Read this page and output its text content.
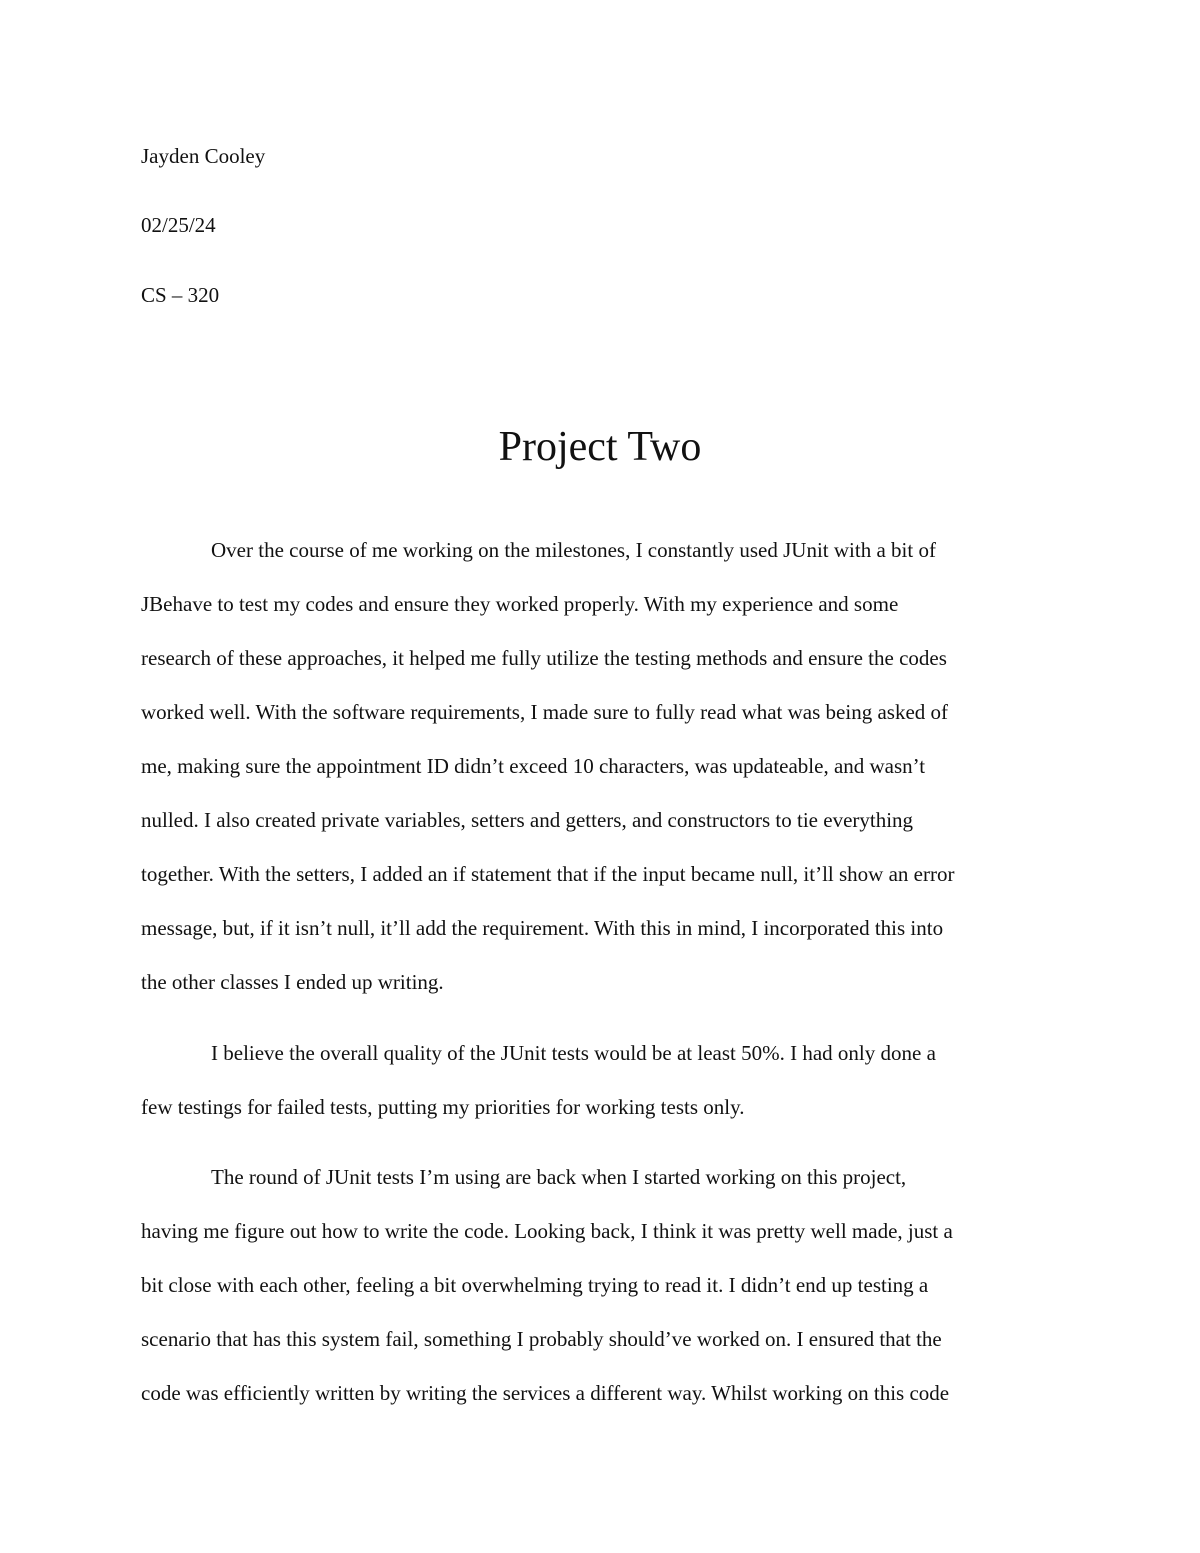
Jayden Cooley
02/25/24
CS – 320
Project Two
Over the course of me working on the milestones, I constantly used JUnit with a bit of
JBehave to test my codes and ensure they worked properly. With my experience and some
research of these approaches, it helped me fully utilize the testing methods and ensure the codes
worked well. With the software requirements, I made sure to fully read what was being asked of
me, making sure the appointment ID didn’t exceed 10 characters, was updateable, and wasn’t
nulled. I also created private variables, setters and getters, and constructors to tie everything
together. With the setters, I added an if statement that if the input became null, it’ll show an error
message, but, if it isn’t null, it’ll add the requirement. With this in mind, I incorporated this into
the other classes I ended up writing.
I believe the overall quality of the JUnit tests would be at least 50%. I had only done a
few testings for failed tests, putting my priorities for working tests only.
The round of JUnit tests I’m using are back when I started working on this project,
having me figure out how to write the code. Looking back, I think it was pretty well made, just a
bit close with each other, feeling a bit overwhelming trying to read it. I didn’t end up testing a
scenario that has this system fail, something I probably should’ve worked on. I ensured that the
code was efficiently written by writing the services a different way. Whilst working on this code
